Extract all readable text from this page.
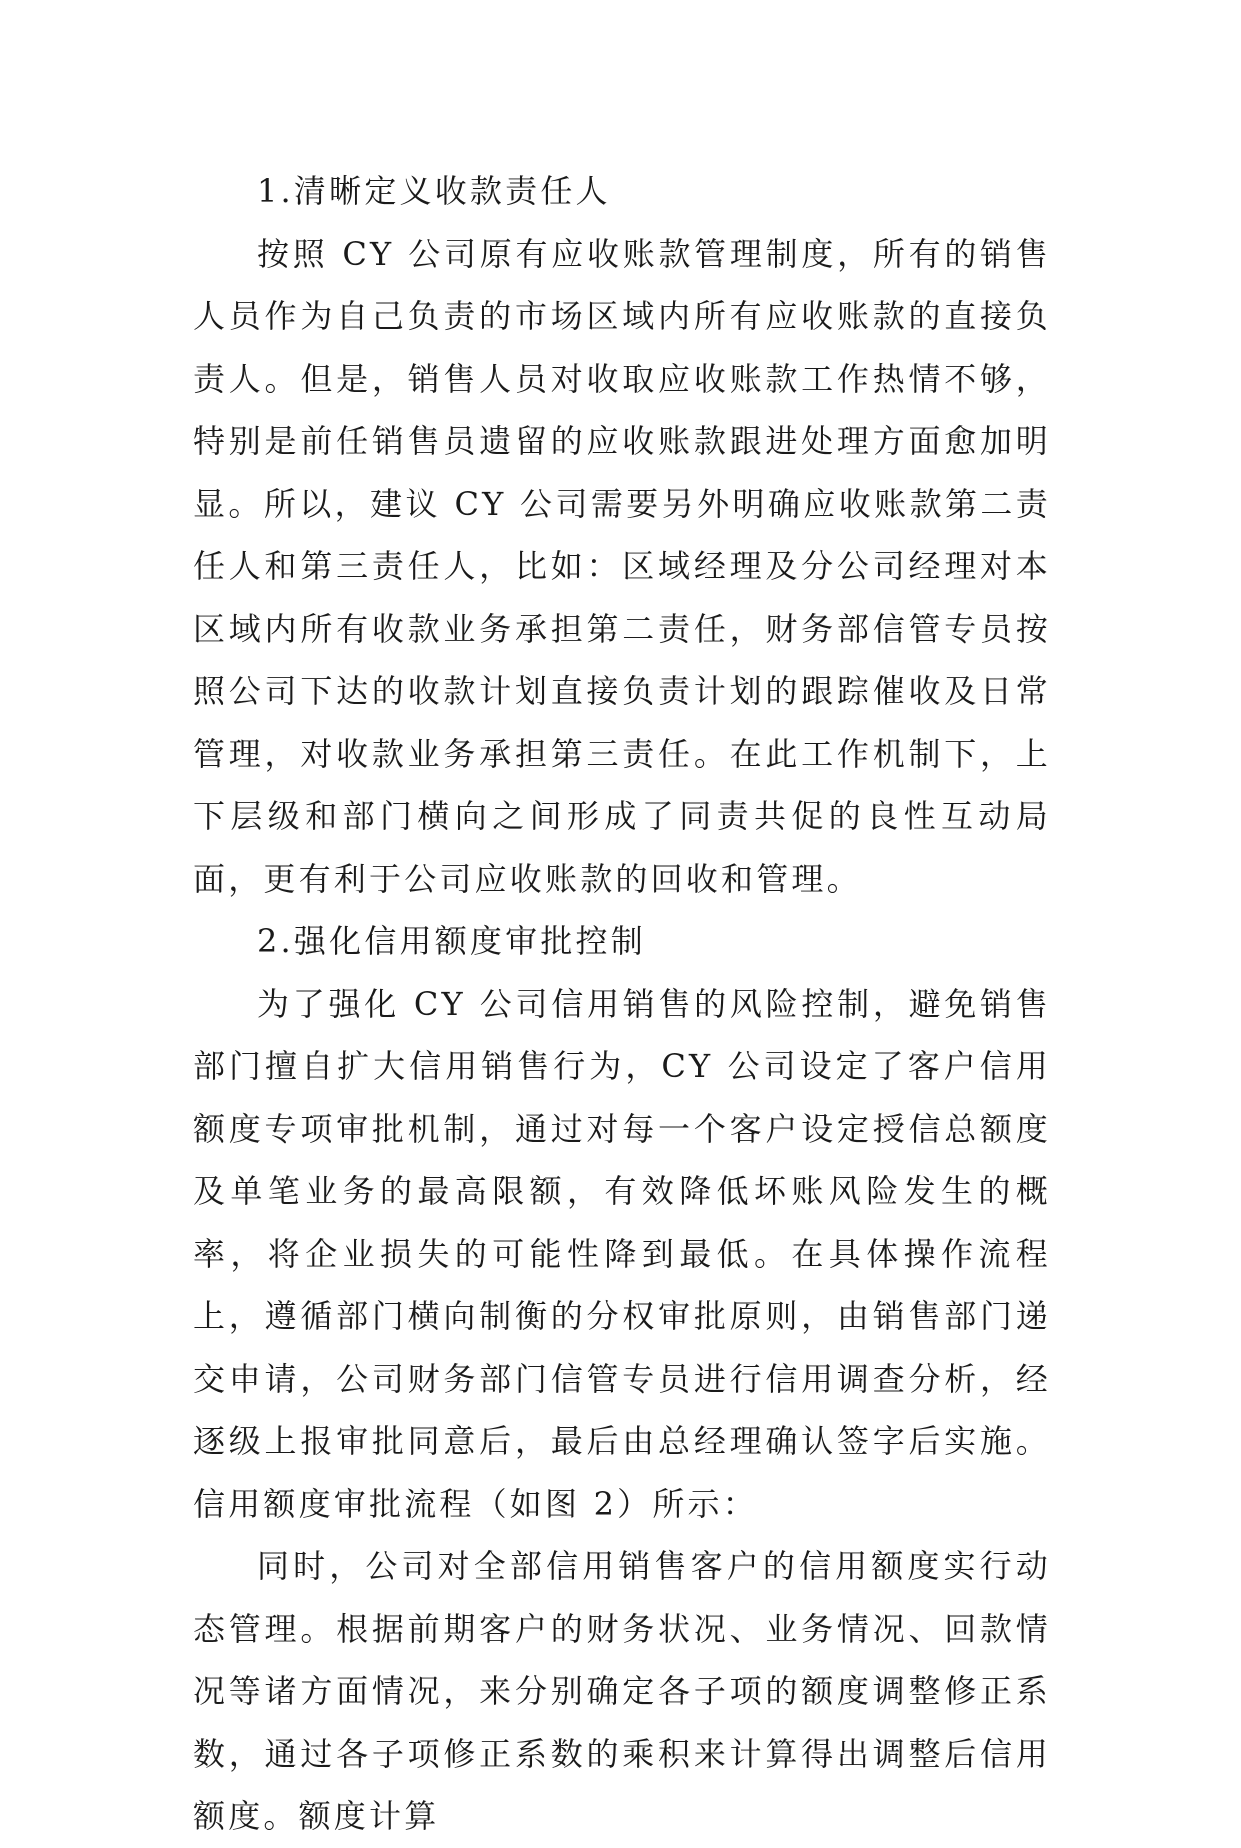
1.清晰定义收款责任人

按照 CY 公司原有应收账款管理制度，所有的销售人员作为自己负责的市场区域内所有应收账款的直接负责人。但是，销售人员对收取应收账款工作热情不够，特别是前任销售员遗留的应收账款跟进处理方面愈加明显。所以，建议 CY 公司需要另外明确应收账款第二责任人和第三责任人，比如：区域经理及分公司经理对本区域内所有收款业务承担第二责任，财务部信管专员按照公司下达的收款计划直接负责计划的跟踪催收及日常管理，对收款业务承担第三责任。在此工作机制下，上下层级和部门横向之间形成了同责共促的良性互动局面，更有利于公司应收账款的回收和管理。

2.强化信用额度审批控制

为了强化 CY 公司信用销售的风险控制，避免销售部门擅自扩大信用销售行为，CY 公司设定了客户信用额度专项审批机制，通过对每一个客户设定授信总额度及单笔业务的最高限额，有效降低坏账风险发生的概率，将企业损失的可能性降到最低。在具体操作流程上，遵循部门横向制衡的分权审批原则，由销售部门递交申请，公司财务部门信管专员进行信用调查分析，经逐级上报审批同意后，最后由总经理确认签字后实施。信用额度审批流程（如图 2）所示：

同时，公司对全部信用销售客户的信用额度实行动态管理。根据前期客户的财务状况、业务情况、回款情况等诸方面情况，来分别确定各子项的额度调整修正系数，通过各子项修正系数的乘积来计算得出调整后信用额度。额度计算
